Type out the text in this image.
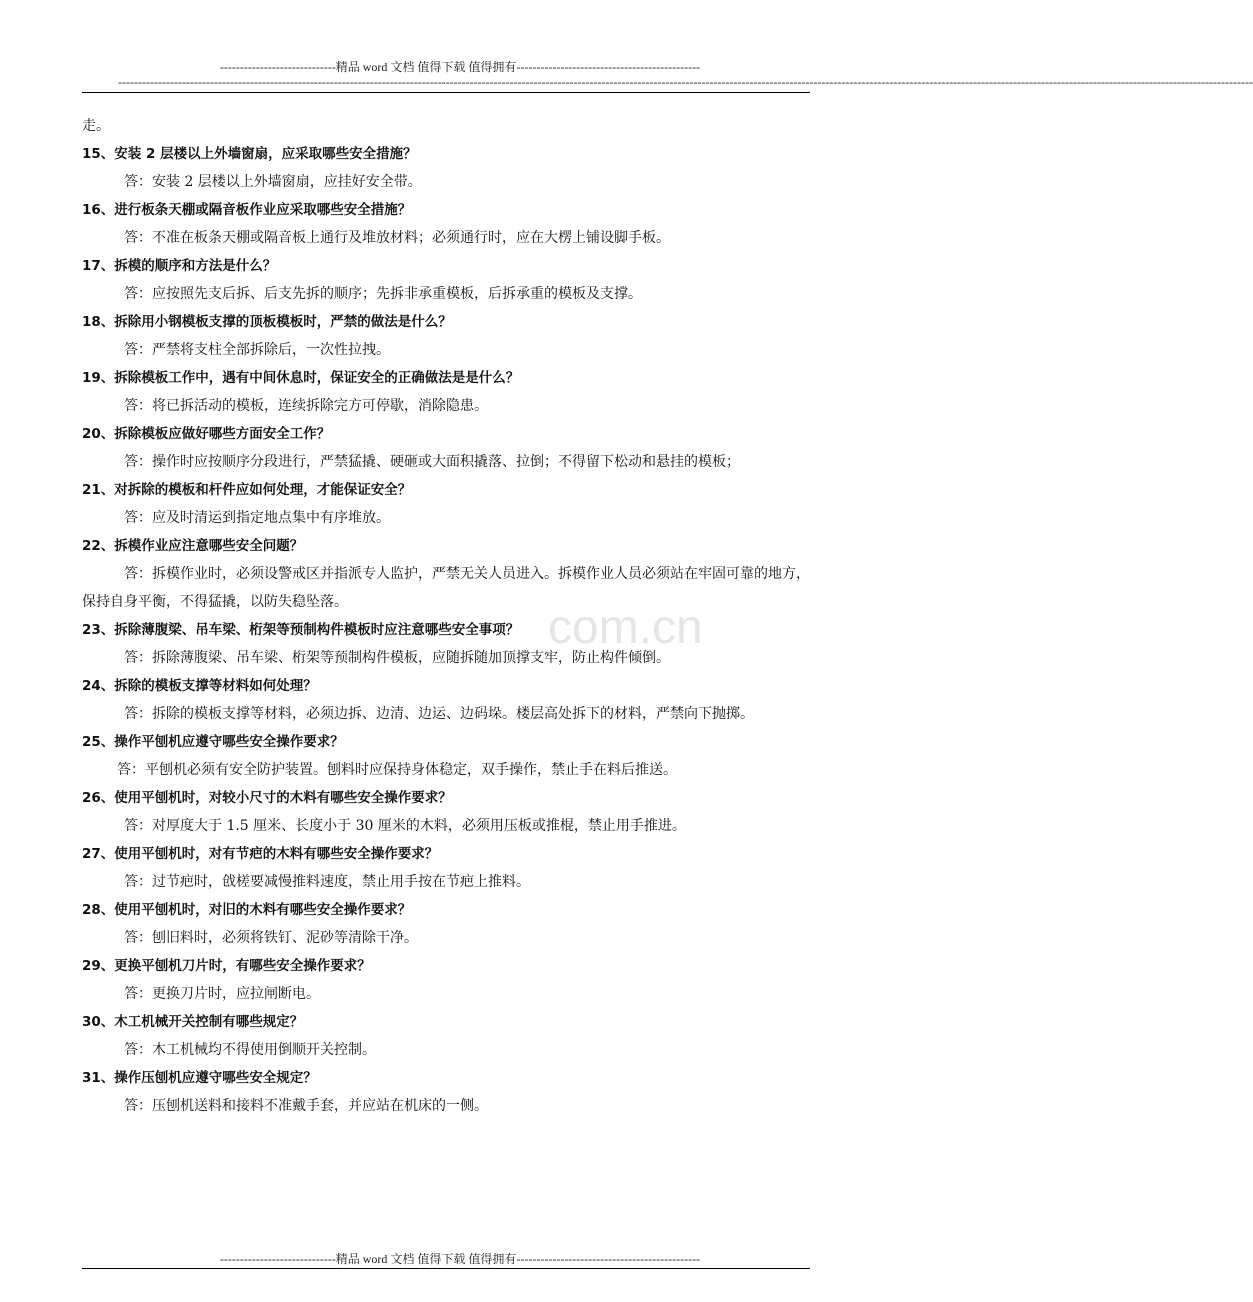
-----------------------------精品 word 文档 值得下载 值得拥有----------------------------------------------
--------------------------------------------------------------------------------------------------------------------------------------------------------------------------------------------------------------------------------------------------------------------------------------------
com.cn

走。

15、安装 2 层楼以上外墙窗扇，应采取哪些安全措施？

答：安装 2 层楼以上外墙窗扇，应挂好安全带。

16、进行板条天棚或隔音板作业应采取哪些安全措施？

答：不准在板条天棚或隔音板上通行及堆放材料；必须通行时，应在大楞上铺设脚手板。

17、拆模的顺序和方法是什么？

答：应按照先支后拆、后支先拆的顺序；先拆非承重模板，后拆承重的模板及支撑。

18、拆除用小钢模板支撑的顶板模板时，严禁的做法是什么？

答：严禁将支柱全部拆除后，一次性拉拽。

19、拆除模板工作中，遇有中间休息时，保证安全的正确做法是是什么？

答：将已拆活动的模板，连续拆除完方可停歇，消除隐患。

20、拆除模板应做好哪些方面安全工作？

答：操作时应按顺序分段进行，严禁猛撬、硬砸或大面积撬落、拉倒；不得留下松动和悬挂的模板；

21、对拆除的模板和杆件应如何处理，才能保证安全？

答：应及时清运到指定地点集中有序堆放。

22、拆模作业应注意哪些安全问题？

答：拆模作业时，必须设警戒区并指派专人监护，严禁无关人员进入。拆模作业人员必须站在牢固可靠的地方，保持自身平衡，不得猛撬，以防失稳坠落。

23、拆除薄腹梁、吊车梁、桁架等预制构件模板时应注意哪些安全事项？

答：拆除薄腹梁、吊车梁、桁架等预制构件模板，应随拆随加顶撑支牢，防止构件倾倒。

24、拆除的模板支撑等材料如何处理？

答：拆除的模板支撑等材料，必须边拆、边清、边运、边码垛。楼层高处拆下的材料，严禁向下抛掷。

25、操作平刨机应遵守哪些安全操作要求？

答：平刨机必须有安全防护装置。刨料时应保持身体稳定，双手操作，禁止手在料后推送。

26、使用平刨机时，对较小尺寸的木料有哪些安全操作要求？

答：对厚度大于 1.5 厘米、长度小于 30 厘米的木料，必须用压板或推棍，禁止用手推进。

27、使用平刨机时，对有节疤的木料有哪些安全操作要求？

答：过节疤时，戗槎要减慢推料速度，禁止用手按在节疤上推料。

28、使用平刨机时，对旧的木料有哪些安全操作要求？

答：刨旧料时，必须将铁钉、泥砂等清除干净。

29、更换平刨机刀片时，有哪些安全操作要求？

答：更换刀片时，应拉闸断电。

30、木工机械开关控制有哪些规定？

答：木工机械均不得使用倒顺开关控制。

31、操作压刨机应遵守哪些安全规定？

答：压刨机送料和接料不准戴手套，并应站在机床的一侧。

-----------------------------精品 word 文档 值得下载 值得拥有----------------------------------------------
